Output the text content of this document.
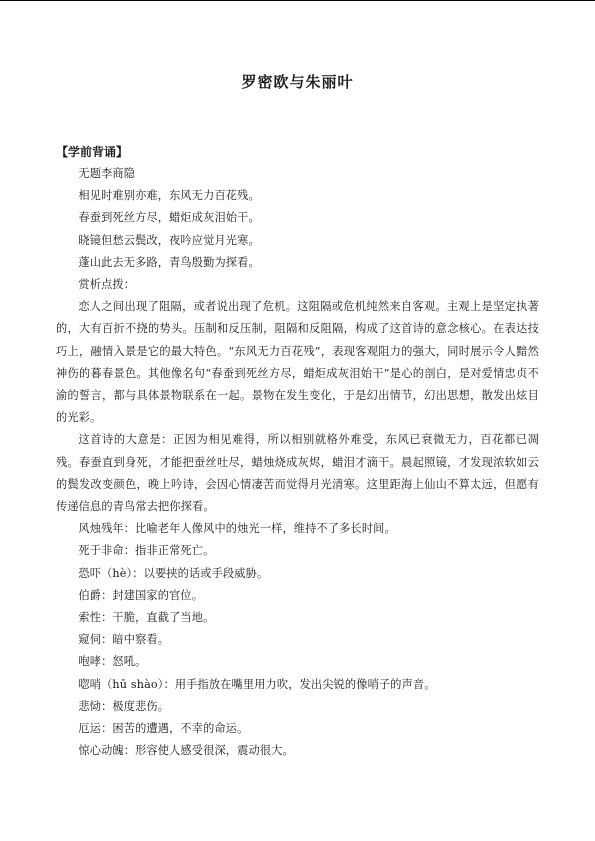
罗密欧与朱丽叶

【学前背诵】

无题李商隐

相见时难别亦难，东风无力百花残。

春蚕到死丝方尽，蜡炬成灰泪始干。

晓镜但愁云鬓改，夜吟应觉月光寒。

蓬山此去无多路，青鸟殷勤为探看。

赏析点拨：

恋人之间出现了阻隔，或者说出现了危机。这阻隔或危机纯然来自客观。主观上是坚定执著的，大有百折不挠的势头。压制和反压制，阻隔和反阻隔，构成了这首诗的意念核心。在表达技巧上，融情入景是它的最大特色。“东风无力百花残”，表现客观阻力的强大，同时展示令人黯然神伤的暮春景色。其他像名句“春蚕到死丝方尽，蜡炬成灰泪始干”是心的剖白，是对爱情忠贞不渝的誓言，都与具体景物联系在一起。景物在发生变化，于是幻出情节，幻出思想，散发出炫目的光彩。

这首诗的大意是：正因为相见难得，所以相别就格外难受，东风已衰微无力，百花都已凋残。春蚕直到身死，才能把蚕丝吐尽，蜡烛烧成灰烬，蜡泪才滴干。晨起照镜，才发现浓软如云的鬓发改变颜色，晚上吟诗，会因心情凄苦而觉得月光清寒。这里距海上仙山不算太远，但愿有传递信息的青鸟常去把你探看。

风烛残年：比喻老年人像风中的烛光一样，维持不了多长时间。

死于非命：指非正常死亡。

恐吓（hè）：以要挟的话或手段威胁。

伯爵：封建国家的官位。

索性：干脆，直截了当地。

窥伺：暗中察看。

咆哮：怒吼。

唿哨（hū shào）：用手指放在嘴里用力吹，发出尖锐的像哨子的声音。

悲恸：极度悲伤。

厄运：困苦的遭遇，不幸的命运。

惊心动魄：形容使人感受很深，震动很大。
